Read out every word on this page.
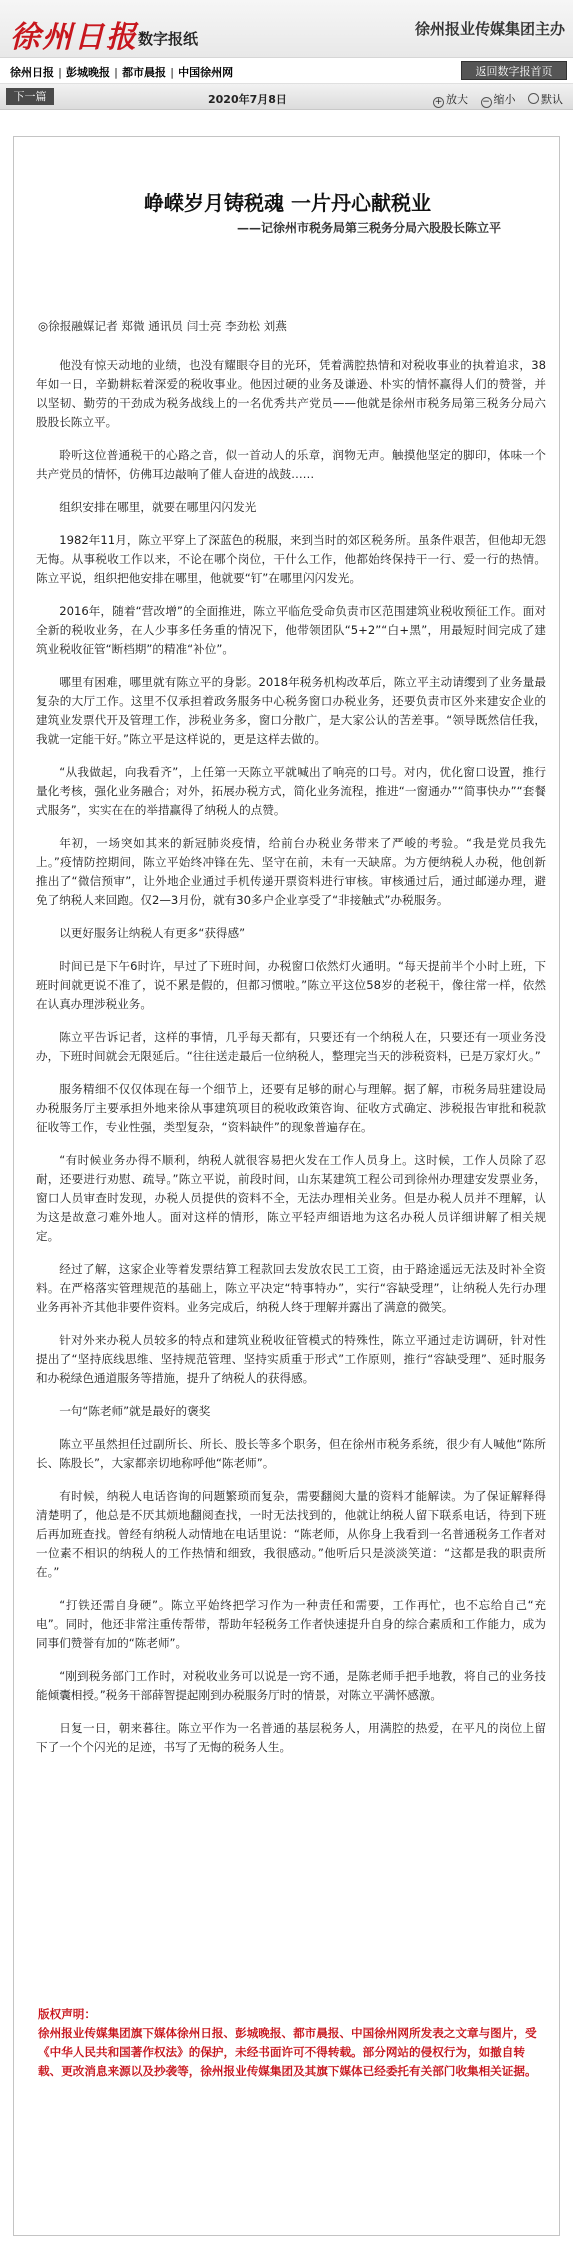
徐州日报 数字报纸
徐州报业传媒集团主办
徐州日报 | 彭城晚报 | 都市晨报 | 中国徐州网	返回数字报首页
下一篇	2020年7月8日	+ 放大 − 缩小 默认
峥嵘岁月铸税魂 一片丹心献税业
——记徐州市税务局第三税务分局六股股长陈立平

◎徐报融媒记者 郑微 通讯员 闫士亮 李劲松 刘燕

他没有惊天动地的业绩，也没有耀眼夺目的光环，凭着满腔热情和对税收事业的执着追求，38年如一日，辛勤耕耘着深爱的税收事业。他因过硬的业务及谦逊、朴实的情怀赢得人们的赞誉，并以坚韧、勤劳的干劲成为税务战线上的一名优秀共产党员——他就是徐州市税务局第三税务分局六股股长陈立平。

聆听这位普通税干的心路之音，似一首动人的乐章，润物无声。触摸他坚定的脚印，体味一个共产党员的情怀，仿佛耳边敲响了催人奋进的战鼓……

组织安排在哪里，就要在哪里闪闪发光

1982年11月，陈立平穿上了深蓝色的税服，来到当时的郊区税务所。虽条件艰苦，但他却无怨无悔。从事税收工作以来，不论在哪个岗位，干什么工作，他都始终保持干一行、爱一行的热情。陈立平说，组织把他安排在哪里，他就要“钉”在哪里闪闪发光。

2016年，随着“营改增”的全面推进，陈立平临危受命负责市区范围建筑业税收预征工作。面对全新的税收业务，在人少事多任务重的情况下，他带领团队“5+2”“白+黑”，用最短时间完成了建筑业税收征管“断档期”的精准“补位”。

哪里有困难，哪里就有陈立平的身影。2018年税务机构改革后，陈立平主动请缨到了业务量最复杂的大厅工作。这里不仅承担着政务服务中心税务窗口办税业务，还要负责市区外来建安企业的建筑业发票代开及管理工作，涉税业务多，窗口分散广，是大家公认的苦差事。“领导既然信任我，我就一定能干好。”陈立平是这样说的，更是这样去做的。

“从我做起，向我看齐”，上任第一天陈立平就喊出了响亮的口号。对内，优化窗口设置，推行量化考核，强化业务融合；对外，拓展办税方式，简化业务流程，推进“一窗通办”“简事快办”“套餐式服务”，实实在在的举措赢得了纳税人的点赞。

年初，一场突如其来的新冠肺炎疫情，给前台办税业务带来了严峻的考验。“我是党员我先上。”疫情防控期间，陈立平始终冲锋在先、坚守在前，未有一天缺席。为方便纳税人办税，他创新推出了“微信预审”，让外地企业通过手机传递开票资料进行审核。审核通过后，通过邮递办理，避免了纳税人来回跑。仅2—3月份，就有30多户企业享受了“非接触式”办税服务。

以更好服务让纳税人有更多“获得感”

时间已是下午6时许，早过了下班时间，办税窗口依然灯火通明。“每天提前半个小时上班，下班时间就更说不准了，说不累是假的，但都习惯啦。”陈立平这位58岁的老税干，像往常一样，依然在认真办理涉税业务。

陈立平告诉记者，这样的事情，几乎每天都有，只要还有一个纳税人在，只要还有一项业务没办，下班时间就会无限延后。“往往送走最后一位纳税人，整理完当天的涉税资料，已是万家灯火。”

服务精细不仅仅体现在每一个细节上，还要有足够的耐心与理解。据了解，市税务局驻建设局办税服务厅主要承担外地来徐从事建筑项目的税收政策咨询、征收方式确定、涉税报告审批和税款征收等工作，专业性强，类型复杂，“资料缺件”的现象普遍存在。

“有时候业务办得不顺利，纳税人就很容易把火发在工作人员身上。这时候，工作人员除了忍耐，还要进行劝慰、疏导。”陈立平说，前段时间，山东某建筑工程公司到徐州办理建安发票业务，窗口人员审查时发现，办税人员提供的资料不全，无法办理相关业务。但是办税人员并不理解，认为这是故意刁难外地人。面对这样的情形，陈立平轻声细语地为这名办税人员详细讲解了相关规定。

经过了解，这家企业等着发票结算工程款回去发放农民工工资，由于路途遥远无法及时补全资料。在严格落实管理规范的基础上，陈立平决定“特事特办”，实行“容缺受理”，让纳税人先行办理业务再补齐其他非要件资料。业务完成后，纳税人终于理解并露出了满意的微笑。

针对外来办税人员较多的特点和建筑业税收征管模式的特殊性，陈立平通过走访调研，针对性提出了“坚持底线思维、坚持规范管理、坚持实质重于形式”工作原则，推行“容缺受理”、延时服务和办税绿色通道服务等措施，提升了纳税人的获得感。

一句“陈老师”就是最好的褒奖

陈立平虽然担任过副所长、所长、股长等多个职务，但在徐州市税务系统，很少有人喊他“陈所长、陈股长”，大家都亲切地称呼他“陈老师”。

有时候，纳税人电话咨询的问题繁琐而复杂，需要翻阅大量的资料才能解读。为了保证解释得清楚明了，他总是不厌其烦地翻阅查找，一时无法找到的，他就让纳税人留下联系电话，待到下班后再加班查找。曾经有纳税人动情地在电话里说：“陈老师，从你身上我看到一名普通税务工作者对一位素不相识的纳税人的工作热情和细致，我很感动。”他听后只是淡淡笑道：“这都是我的职责所在。”

“打铁还需自身硬”。陈立平始终把学习作为一种责任和需要，工作再忙，也不忘给自己“充电”。同时，他还非常注重传帮带，帮助年轻税务工作者快速提升自身的综合素质和工作能力，成为同事们赞誉有加的“陈老师”。

“刚到税务部门工作时，对税收业务可以说是一窍不通，是陈老师手把手地教，将自己的业务技能倾囊相授。”税务干部薛智提起刚到办税服务厅时的情景，对陈立平满怀感激。

日复一日，朝来暮往。陈立平作为一名普通的基层税务人，用满腔的热爱，在平凡的岗位上留下了一个个闪光的足迹，书写了无悔的税务人生。

版权声明：
徐州报业传媒集团旗下媒体徐州日报、彭城晚报、都市晨报、中国徐州网所发表之文章与图片，受《中华人民共和国著作权法》的保护，未经书面许可不得转载。部分网站的侵权行为，如撤自转载、更改消息来源以及抄袭等，徐州报业传媒集团及其旗下媒体已经委托有关部门收集相关证据。
